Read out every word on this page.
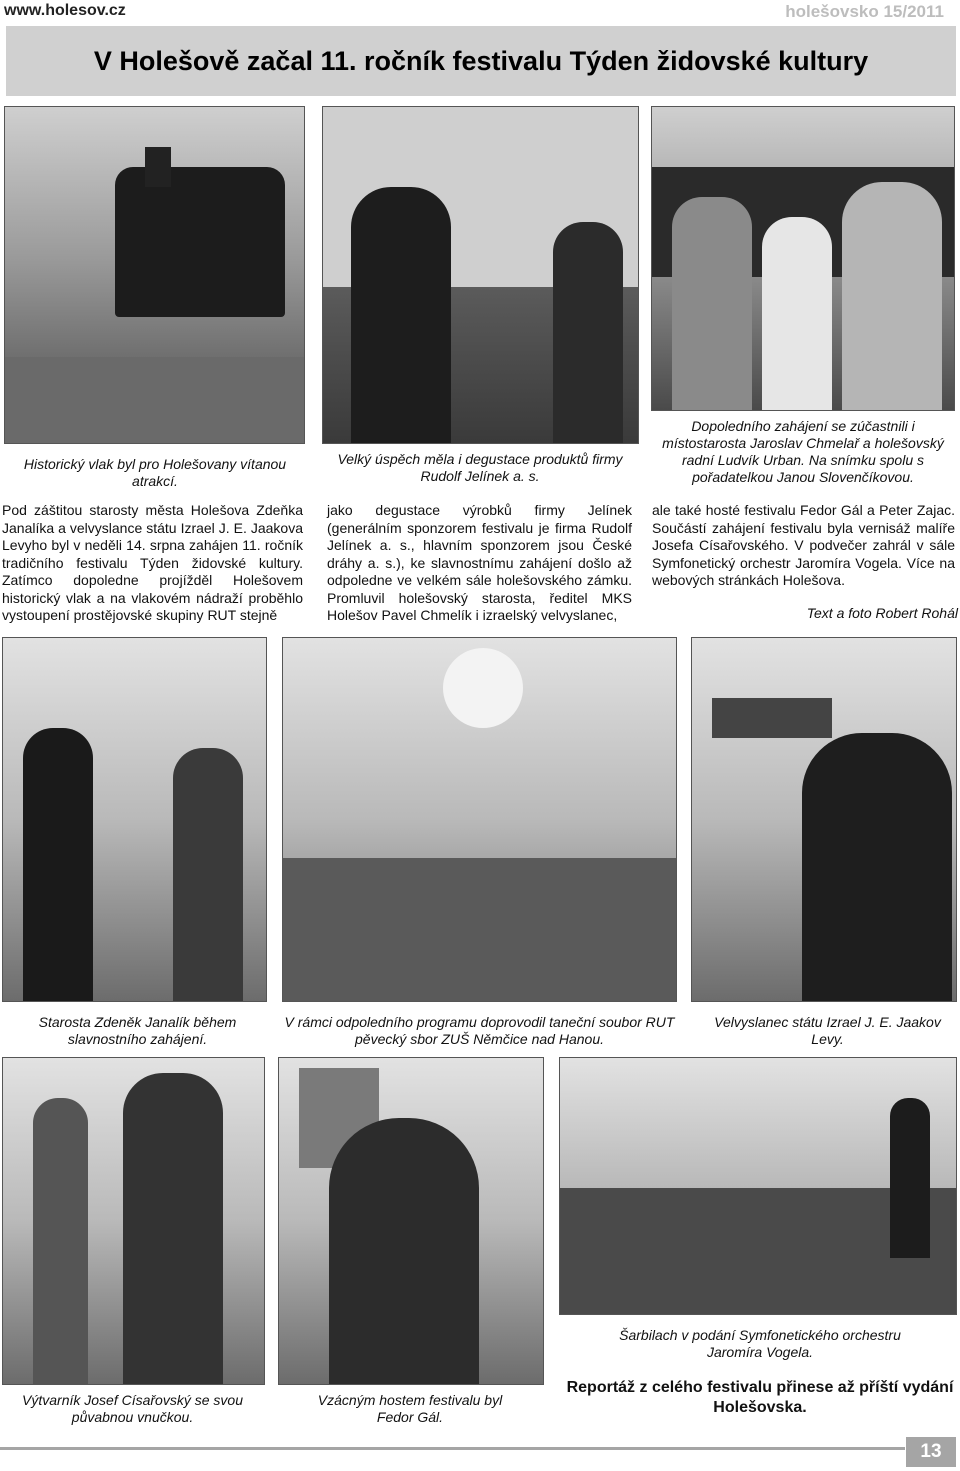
www.holesov.cz	holešovsko 15/2011
V Holešově začal 11. ročník festivalu Týden židovské kultury
Historický vlak byl pro Holešovany vítanou atrakcí.
Velký úspěch měla i degustace produktů firmy Rudolf Jelínek a. s.
Dopoledního zahájení se zúčastnili i místostarosta Jaroslav Chmelař a holešovský radní Ludvík Urban. Na snímku spolu s pořadatelkou Janou Slovenčíkovou.
Pod záštitou starosty města Holešova Zdeňka Janalíka a velvyslance státu Izrael J. E. Jaakova Levyho byl v neděli 14. srpna zahájen 11. ročník tradičního festivalu Týden židovské kultury. Zatímco dopoledne projížděl Holešovem historický vlak a na vlakovém nádraží proběhlo vystoupení prostějovské skupiny RUT stejně
jako degustace výrobků firmy Jelínek (generálním sponzorem festivalu je firma Rudolf Jelínek a. s., hlavním sponzorem jsou České dráhy a. s.), ke slavnostnímu zahájení došlo až odpoledne ve velkém sále holešovského zámku. Promluvil holešovský starosta, ředitel MKS Holešov Pavel Chmelík i izraelský velvyslanec,
ale také hosté festivalu Fedor Gál a Peter Zajac. Součástí zahájení festivalu byla vernisáž malíře Josefa Císařovského. V podvečer zahrál v sále Symfonetický orchestr Jaromíra Vogela. Více na webových stránkách Holešova.
Text a foto Robert Rohál
Starosta Zdeněk Janalík během slavnostního zahájení.
V rámci odpoledního programu doprovodil taneční soubor RUT pěvecký sbor ZUŠ Němčice nad Hanou.
Velvyslanec státu Izrael J. E. Jaakov Levy.
Výtvarník Josef Císařovský se svou půvabnou vnučkou.
Vzácným hostem festivalu byl Fedor Gál.
Šarbilach v podání Symfonetického orchestru Jaromíra Vogela.
Reportáž z celého festivalu přinese až příští vydání Holešovska.
13
